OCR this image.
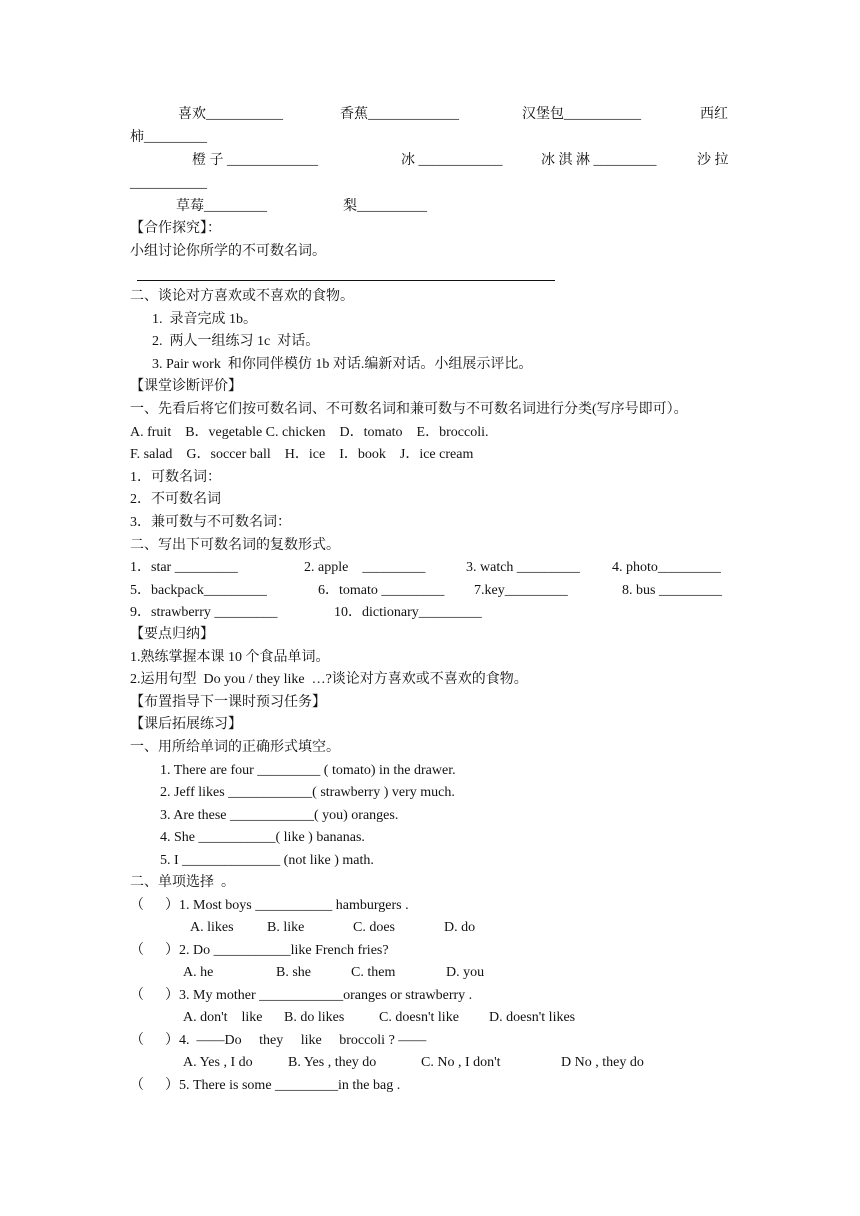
喜欢___________	香蕉_____________	汉堡包___________	西红
柿_________
橙 子 _____________	冰 ____________	冰 淇 淋 _________	沙 拉
___________
草莓_________	梨__________
【合作探究】：
小组讨论你所学的不可数名词。
二、谈论对方喜欢或不喜欢的食物。
1.  录音完成 1b。
2.  两人一组练习 1c  对话。
3. Pair work  和你同伴模仿 1b 对话.编新对话。小组展示评比。
【课堂诊断评价】
一、先看后将它们按可数名词、不可数名词和兼可数与不可数名词进行分类(写序号即可）。
A. fruit    B．vegetable C. chicken    D．tomato    E．broccoli.
F. salad    G．soccer ball    H．ice    I．book    J．ice cream
1．可数名词：
2．不可数名词
3．兼可数与不可数名词：
二、写出下可数名词的复数形式。
1．star _________	2. apple    _________	3. watch _________ 4. photo_________
5．backpack_________	6．tomato _________ 7.key_________	8. bus _________
9．strawberry _________	10．dictionary_________
【要点归纳】
1.熟练掌握本课 10 个食品单词。
2.运用句型  Do you / they like  …?谈论对方喜欢或不喜欢的食物。
【布置指导下一课时预习任务】
【课后拓展练习】
一、用所给单词的正确形式填空。
1. There are four _________ ( tomato) in the drawer.
2. Jeff likes ____________( strawberry ) very much.
3. Are these ____________( you) oranges.
4. She ___________( like ) bananas.
5. I ______________ (not like ) math.
二、单项选择  。
（      ）1. Most boys ___________ hamburgers .
A. likes B. like	C. does	D. do
（      ）2. Do ___________like French fries?
A. he	B. she	C. them	D. you
（      ）3. My mother ____________oranges or strawberry .
A. don't    like B. do likes C. doesn't like D. doesn't likes
（      ）4.  ——Do     they     like     broccoli ? ——
A. Yes , I do	B. Yes , they do	C. No , I don't	D No , they do
（      ）5. There is some _________in the bag .
